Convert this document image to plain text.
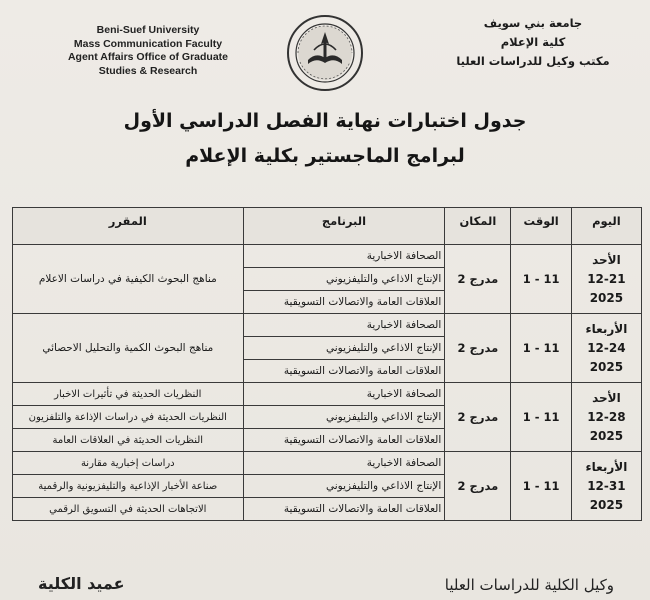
Beni-Suef University
Mass Communication Faculty
Agent Affairs Office of Graduate
Studies & Research
جامعة بني سويف
كلية الإعلام
مكتب وكيل للدراسات العليا
جدول اختبارات نهاية الفصل الدراسي الأول
لبرامج الماجستير بكلية الإعلام
اليوم	الوقت	المكان	البرنامج	المقرر

الأحد
12-21
2025	11 - 1	مدرج 2	الصحافة الاخبارية	مناهج البحوث الكيفية في دراسات الاعلام
			الإنتاج الاذاعي والتليفزيوني	
			العلاقات العامة والاتصالات التسويقية	

الأربعاء
12-24
2025	11 - 1	مدرج 2	الصحافة الاخبارية	مناهج البحوث الكمية والتحليل الاحصائي
			الإنتاج الاذاعي والتليفزيوني	
			العلاقات العامة والاتصالات التسويقية	

الأحد
12-28
2025	11 - 1	مدرج 2	الصحافة الاخبارية	النظريات الحديثة في تأثيرات الاخبار
			الإنتاج الاذاعي والتليفزيوني	النظريات الحديثة في دراسات الإذاعة والتلفزيون
			العلاقات العامة والاتصالات التسويقية	النظريات الحديثة في العلاقات العامة

الأربعاء
12-31
2025	11 - 1	مدرج 2	الصحافة الاخبارية	دراسات إخبارية مقارنة
			الإنتاج الاذاعي والتليفزيوني	صناعة الأخبار الإذاعية والتليفزيونية والرقمية
			العلاقات العامة والاتصالات التسويقية	الاتجاهات الحديثة في التسويق الرقمي
عميد الكلية	وكيل الكلية للدراسات العليا
